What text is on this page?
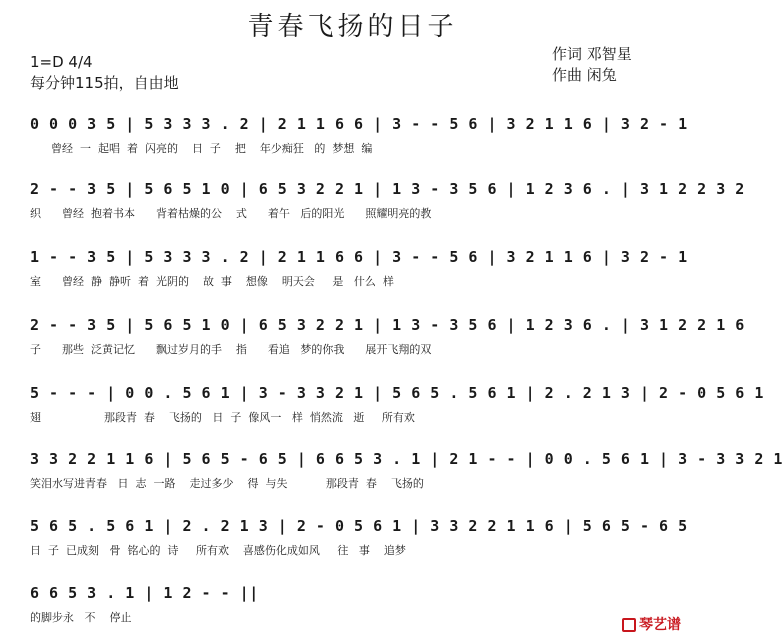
青春飞扬的日子
1=D 4/4
每分钟115拍，自由地
作词 邓智星
作曲 闲兔
0 0 0 3 5 | 5 3 3 3 . 2 | 2 1 1 6 6 | 3 - - 5 6 | 3 2 1 1 6 | 3 2 - 1
曾经  一  起唱  着  闪亮的    日  子    把    年少痴狂   的  梦想  编
2 - - 3 5 | 5 6 5 1 0 | 6 5 3 2 2 1 | 1 3 - 3 5 6 | 1 2 3 6 . | 3 1 2 2 3 2
织      曾经  抱着书本      背着枯燥的公    式      着午   后的阳光      照耀明亮的教
1 - - 3 5 | 5 3 3 3 . 2 | 2 1 1 6 6 | 3 - - 5 6 | 3 2 1 1 6 | 3 2 - 1
室      曾经  静  静听  着  光阴的    故  事    想像    明天会     是   什么  样
2 - - 3 5 | 5 6 5 1 0 | 6 5 3 2 2 1 | 1 3 - 3 5 6 | 1 2 3 6 . | 3 1 2 2 1 6
子      那些  泛黄记忆      飘过岁月的手    指      看追   梦的你我      展开飞翔的双
5 - - - | 0 0 . 5 6 1 | 3 - 3 3 2 1 | 5 6 5 . 5 6 1 | 2 . 2 1 3 | 2 - 0 5 6 1
翅                  那段青  春    飞扬的   日  子  像风一   样  悄然流   逝     所有欢
3 3 2 2 1 1 6 | 5 6 5 - 6 5 | 6 6 5 3 . 1 | 2 1 - - | 0 0 . 5 6 1 | 3 - 3 3 2 1
笑泪水写进青春   日  志  一路    走过多少    得  与失           那段青  春    飞扬的
5 6 5 . 5 6 1 | 2 . 2 1 3 | 2 - 0 5 6 1 | 3 3 2 2 1 1 6 | 5 6 5 - 6 5
日  子  已成刻   骨  铭心的  诗     所有欢    喜感伤化成如风     往   事    追梦
6 6 5 3 . 1 | 1 2 - - ||
的脚步永   不    停止	琴艺谱
